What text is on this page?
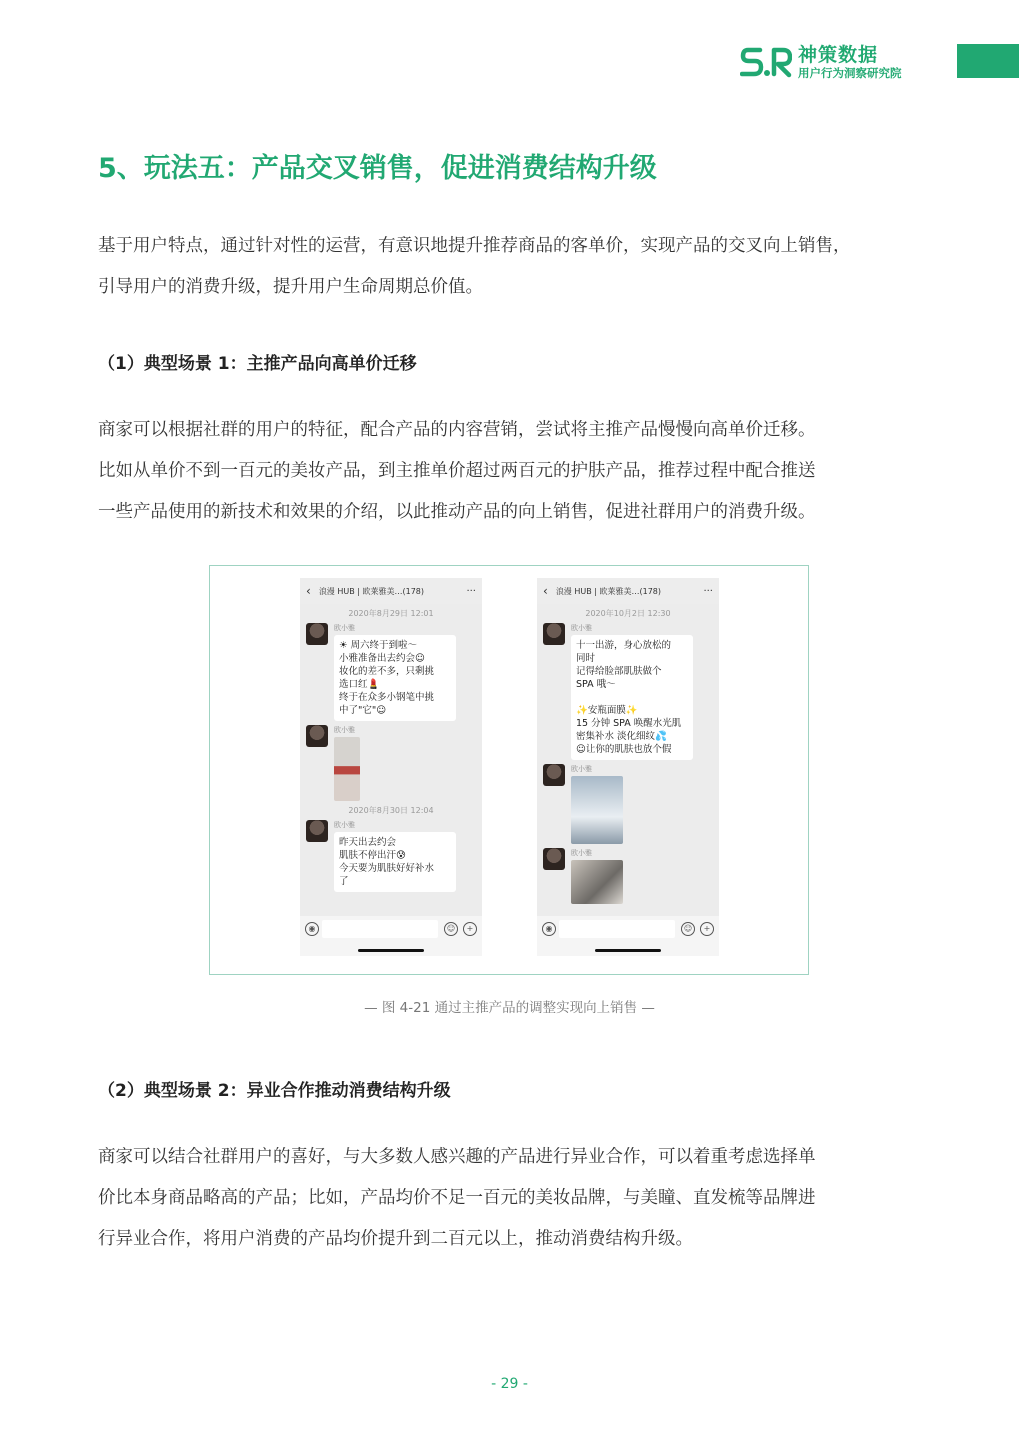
神策数据
用户行为洞察研究院
5、玩法五：产品交叉销售，促进消费结构升级
基于用户特点，通过针对性的运营，有意识地提升推荐商品的客单价，实现产品的交叉向上销售，
引导用户的消费升级，提升用户生命周期总价值。
（1）典型场景 1：主推产品向高单价迁移
商家可以根据社群的用户的特征，配合产品的内容营销，尝试将主推产品慢慢向高单价迁移。
比如从单价不到一百元的美妆产品，到主推单价超过两百元的护肤产品，推荐过程中配合推送
一些产品使用的新技术和效果的介绍，以此推动产品的向上销售，促进社群用户的消费升级。
‹ 浪漫 HUB | 欧莱雅美…(178)	···
2020年8月29日 12:01
欧小雅
☀ 周六终于到啦～
小雅准备出去约会☺
妆化的差不多，只剩挑
选口红💄
终于在众多小钢笔中挑
中了"它"☺
欧小雅
2020年8月30日 12:04
欧小雅
昨天出去约会
肌肤不停出汗😰
今天要为肌肤好好补水
了
◉	☺	+
‹ 浪漫 HUB | 欧莱雅美…(178)	···
2020年10月2日 12:30
欧小雅
十一出游，身心放松的
同时
记得给脸部肌肤做个
SPA 哦～
✨安瓶面膜✨
15 分钟 SPA 唤醒水光肌
密集补水 淡化细纹💦
☺让你的肌肤也放个假
欧小雅
欧小雅
◉	☺	+
— 图 4-21 通过主推产品的调整实现向上销售 —
（2）典型场景 2：异业合作推动消费结构升级
商家可以结合社群用户的喜好，与大多数人感兴趣的产品进行异业合作，可以着重考虑选择单
价比本身商品略高的产品；比如，产品均价不足一百元的美妆品牌，与美瞳、直发梳等品牌进
行异业合作，将用户消费的产品均价提升到二百元以上，推动消费结构升级。
- 29 -
